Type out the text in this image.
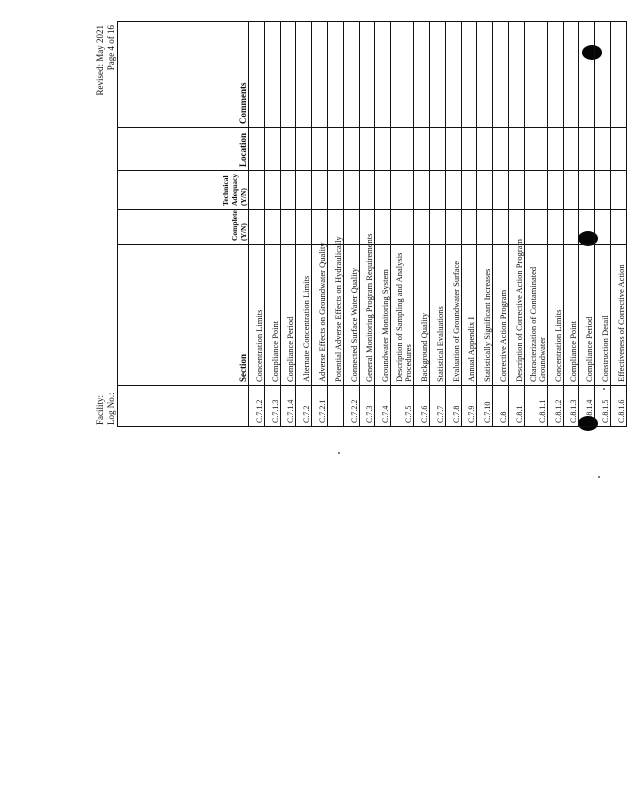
Facility: Log No.:
Revised: May 2021 Page 4 of 16
	Section	Complete (Y/N)	Technical Adequacy (Y/N)	Location	Comments
C.7.1.2	Concentration Limits				
C.7.1.3	Compliance Point				
C.7.1.4	Compliance Period				
C.7.2	Alternate Concentration Limits				
C.7.2.1	Adverse Effects on Groundwater Quality				
	Potential Adverse Effects on Hydraulically				
C.7.2.2	Connected Surface Water Quality				
C.7.3	General Monitoring Program Requirements				
C.7.4	Groundwater Monitoring System				
C.7.5	Description of Sampling and Analysis Procedures				
C.7.6	Background Quality				
C.7.7	Statistical Evaluations				
C.7.8	Evaluation of Groundwater Surface				
C.7.9	Annual Appendix I				
C.7.10	Statistically Significant Increases				
C.8	Corrective Action Program				
C.8.1	Description of Corrective Action Program				
C.8.1.1	Characterization of Contaminated Groundwater				
C.8.1.2	Concentration Limits				
C.8.1.3	Compliance Point				
C.8.1.4	Compliance Period				
C.8.1.5	Construction Detail				
C.8.1.6	Effectiveness of Corrective Action				
